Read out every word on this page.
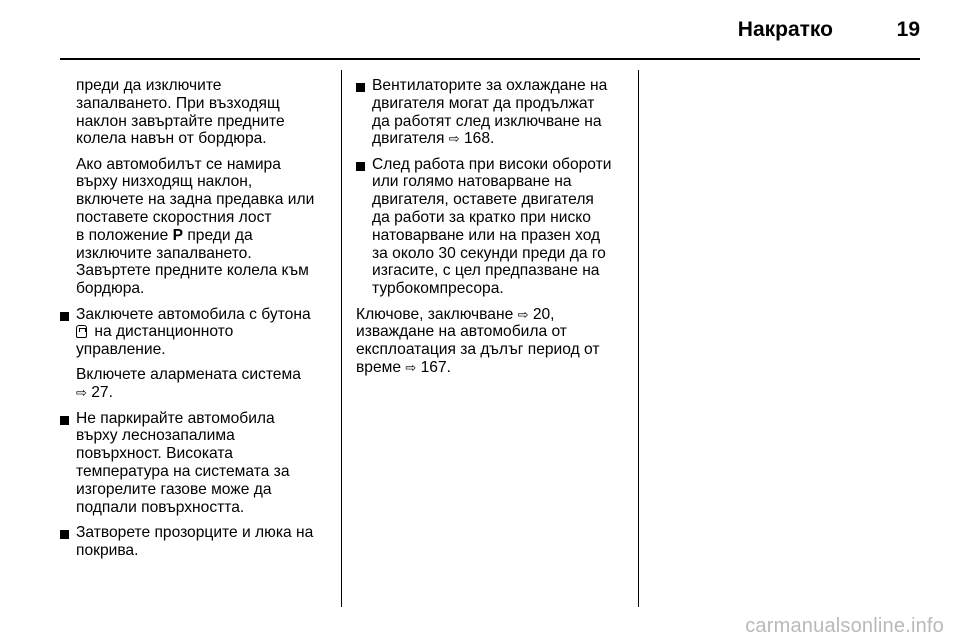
Накратко	19

преди да изключите
запалването. При възходящ
наклон завъртайте предните
колела навън от бордюра.

Ако автомобилът се намира
върху низходящ наклон,
включете на задна предавка или
поставете скоростния лост
в положение P преди да
изключите запалването.
Завъртете предните колела към
бордюра.

Заключете автомобила с бутона
на дистанционното
управление.

Включете алармената система
⇨ 27.

Не паркирайте автомобила
върху леснозапалима
повърхност. Високата
температура на системата за
изгорелите газове може да
подпали повърхността.
Затворете прозорците и люка на
покрива.
Вентилаторите за охлаждане на
двигателя могат да продължат
да работят след изключване на
двигателя ⇨ 168.
След работа при високи обороти
или голямо натоварване на
двигателя, оставете двигателя
да работи за кратко при ниско
натоварване или на празен ход
за около 30 секунди преди да го
изгасите, с цел предпазване на
турбокомпресора.

Ключове, заключване ⇨ 20,
изваждане на автомобила от
експлоатация за дълъг период от
време ⇨ 167.

carmanualsonline.info
